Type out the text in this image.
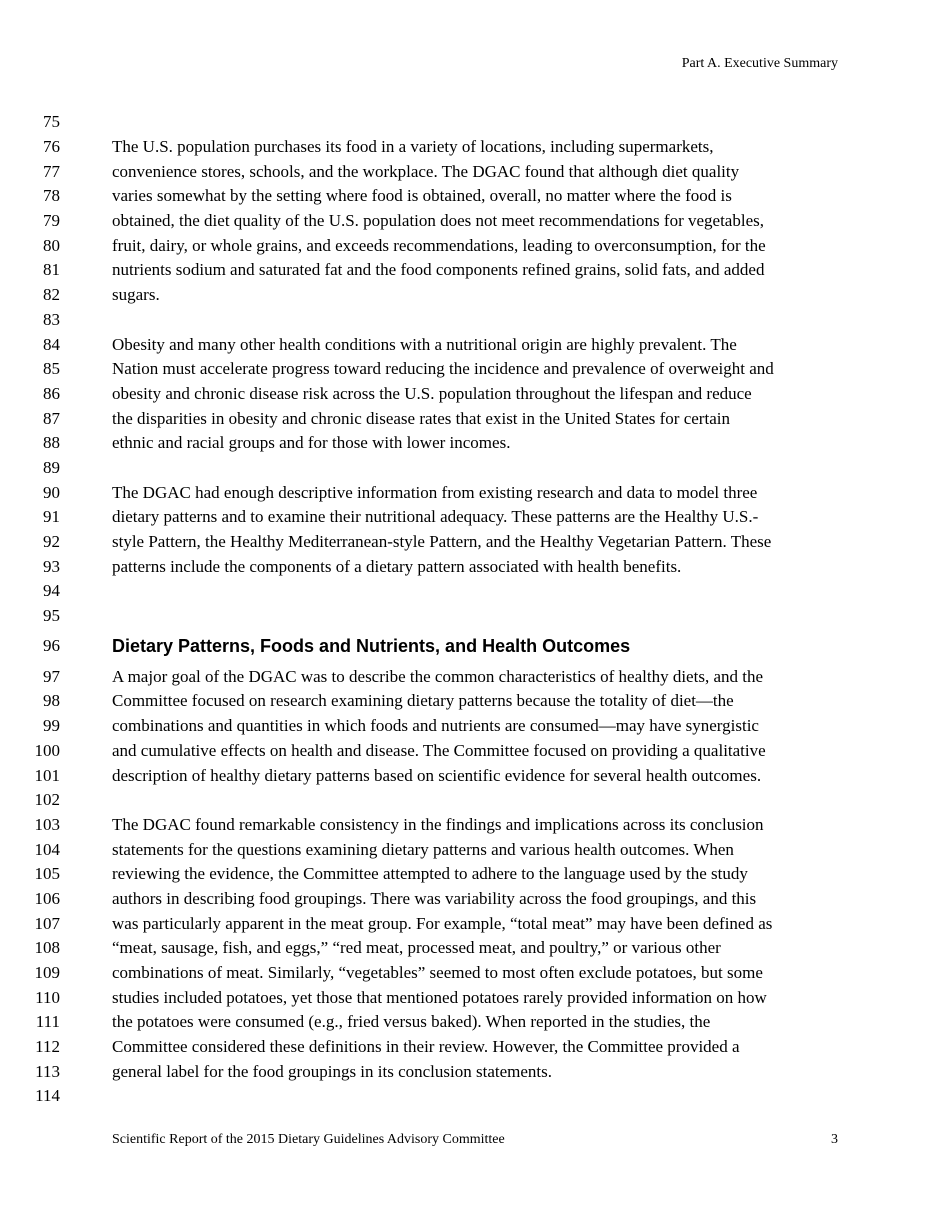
Part A. Executive Summary
75
76	The U.S. population purchases its food in a variety of locations, including supermarkets,
77	convenience stores, schools, and the workplace. The DGAC found that although diet quality
78	varies somewhat by the setting where food is obtained, overall, no matter where the food is
79	obtained, the diet quality of the U.S. population does not meet recommendations for vegetables,
80	fruit, dairy, or whole grains, and exceeds recommendations, leading to overconsumption, for the
81	nutrients sodium and saturated fat and the food components refined grains, solid fats, and added
82	sugars.
83
84	Obesity and many other health conditions with a nutritional origin are highly prevalent. The
85	Nation must accelerate progress toward reducing the incidence and prevalence of overweight and
86	obesity and chronic disease risk across the U.S. population throughout the lifespan and reduce
87	the disparities in obesity and chronic disease rates that exist in the United States for certain
88	ethnic and racial groups and for those with lower incomes.
89
90	The DGAC had enough descriptive information from existing research and data to model three
91	dietary patterns and to examine their nutritional adequacy. These patterns are the Healthy U.S.-
92	style Pattern, the Healthy Mediterranean-style Pattern, and the Healthy Vegetarian Pattern. These
93	patterns include the components of a dietary pattern associated with health benefits.
94
95
96	Dietary Patterns, Foods and Nutrients, and Health Outcomes
97	A major goal of the DGAC was to describe the common characteristics of healthy diets, and the
98	Committee focused on research examining dietary patterns because the totality of diet—the
99	combinations and quantities in which foods and nutrients are consumed—may have synergistic
100	and cumulative effects on health and disease. The Committee focused on providing a qualitative
101	description of healthy dietary patterns based on scientific evidence for several health outcomes.
102
103	The DGAC found remarkable consistency in the findings and implications across its conclusion
104	statements for the questions examining dietary patterns and various health outcomes. When
105	reviewing the evidence, the Committee attempted to adhere to the language used by the study
106	authors in describing food groupings. There was variability across the food groupings, and this
107	was particularly apparent in the meat group. For example, “total meat” may have been defined as
108	“meat, sausage, fish, and eggs,” “red meat, processed meat, and poultry,” or various other
109	combinations of meat. Similarly, “vegetables” seemed to most often exclude potatoes, but some
110	studies included potatoes, yet those that mentioned potatoes rarely provided information on how
111	the potatoes were consumed (e.g., fried versus baked). When reported in the studies, the
112	Committee considered these definitions in their review. However, the Committee provided a
113	general label for the food groupings in its conclusion statements.
114
Scientific Report of the 2015 Dietary Guidelines Advisory Committee	3
